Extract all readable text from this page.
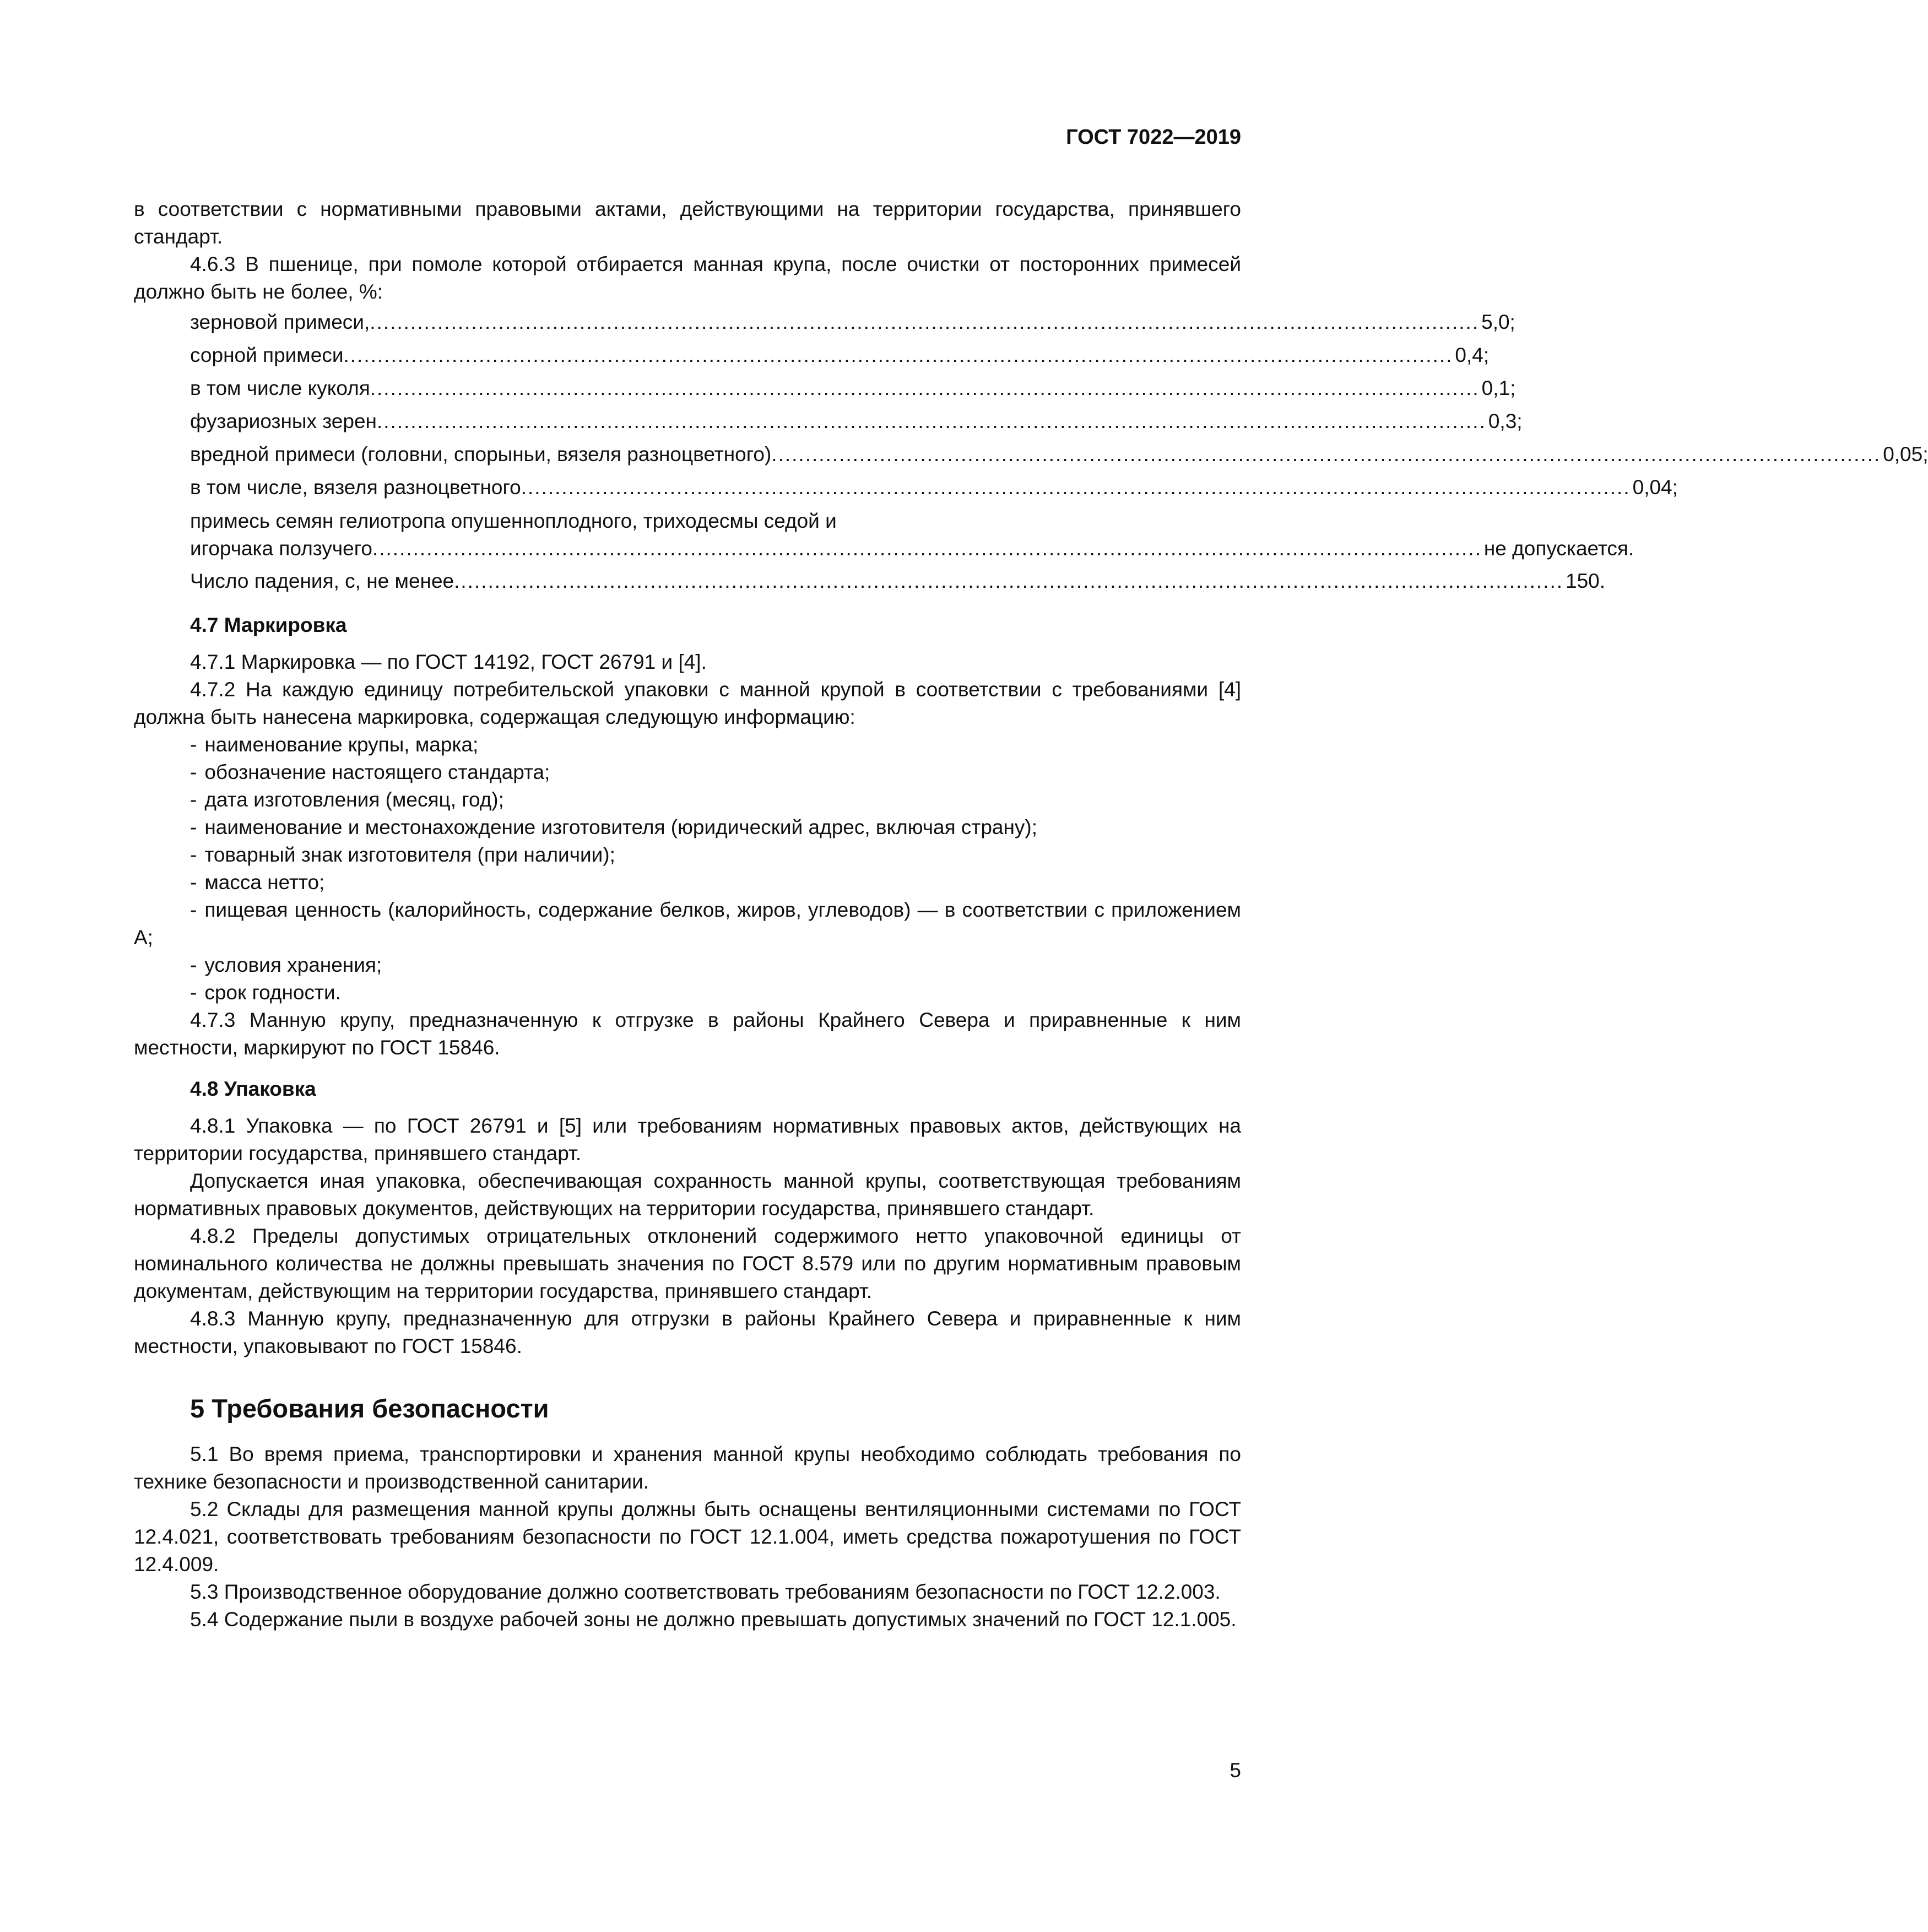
ГОСТ 7022—2019

в соответствии с нормативными правовыми актами, действующими на территории государства, принявшего стандарт.

4.6.3 В пшенице, при помоле которой отбирается манная крупа, после очистки от посторонних примесей должно быть не более, %:

зерновой примеси, .................................................................................................................................................................... 5,0;
сорной примеси .................................................................................................................................................................... 0,4;
в том числе куколя .................................................................................................................................................................... 0,1;
фузариозных зерен .................................................................................................................................................................... 0,3;
вредной примеси (головни, спорыньи, вязеля разноцветного) .................................................................................................................................................................... 0,05;
в том числе, вязеля разноцветного .................................................................................................................................................................... 0,04;
примесь семян гелиотропа опушенноплодного, триходесмы седой и
игорчака ползучего .................................................................................................................................................................... не допускается.
Число падения, с, не менее .................................................................................................................................................................... 150.
4.7 Маркировка

4.7.1 Маркировка — по ГОСТ 14192, ГОСТ 26791 и [4].

4.7.2 На каждую единицу потребительской упаковки с манной крупой в соответствии с требованиями [4] должна быть нанесена маркировка, содержащая следующую информацию:

- наименование крупы, марка;
- обозначение настоящего стандарта;
- дата изготовления (месяц, год);
- наименование и местонахождение изготовителя (юридический адрес, включая страну);
- товарный знак изготовителя (при наличии);
- масса нетто;

- пищевая ценность (калорийность, содержание белков, жиров, углеводов) — в соответствии с приложением А;

- условия хранения;
- срок годности.

4.7.3 Манную крупу, предназначенную к отгрузке в районы Крайнего Севера и приравненные к ним местности, маркируют по ГОСТ 15846.

4.8 Упаковка

4.8.1 Упаковка — по ГОСТ 26791 и [5] или требованиям нормативных правовых актов, действующих на территории государства, принявшего стандарт.

Допускается иная упаковка, обеспечивающая сохранность манной крупы, соответствующая требованиям нормативных правовых документов, действующих на территории государства, принявшего стандарт.

4.8.2 Пределы допустимых отрицательных отклонений содержимого нетто упаковочной единицы от номинального количества не должны превышать значения по ГОСТ 8.579 или по другим нормативным правовым документам, действующим на территории государства, принявшего стандарт.

4.8.3 Манную крупу, предназначенную для отгрузки в районы Крайнего Севера и приравненные к ним местности, упаковывают по ГОСТ 15846.

5 Требования безопасности

5.1 Во время приема, транспортировки и хранения манной крупы необходимо соблюдать требования по технике безопасности и производственной санитарии.

5.2 Склады для размещения манной крупы должны быть оснащены вентиляционными системами по ГОСТ 12.4.021, соответствовать требованиям безопасности по ГОСТ 12.1.004, иметь средства пожаротушения по ГОСТ 12.4.009.

5.3 Производственное оборудование должно соответствовать требованиям безопасности по ГОСТ 12.2.003.

5.4 Содержание пыли в воздухе рабочей зоны не должно превышать допустимых значений по ГОСТ 12.1.005.

5
